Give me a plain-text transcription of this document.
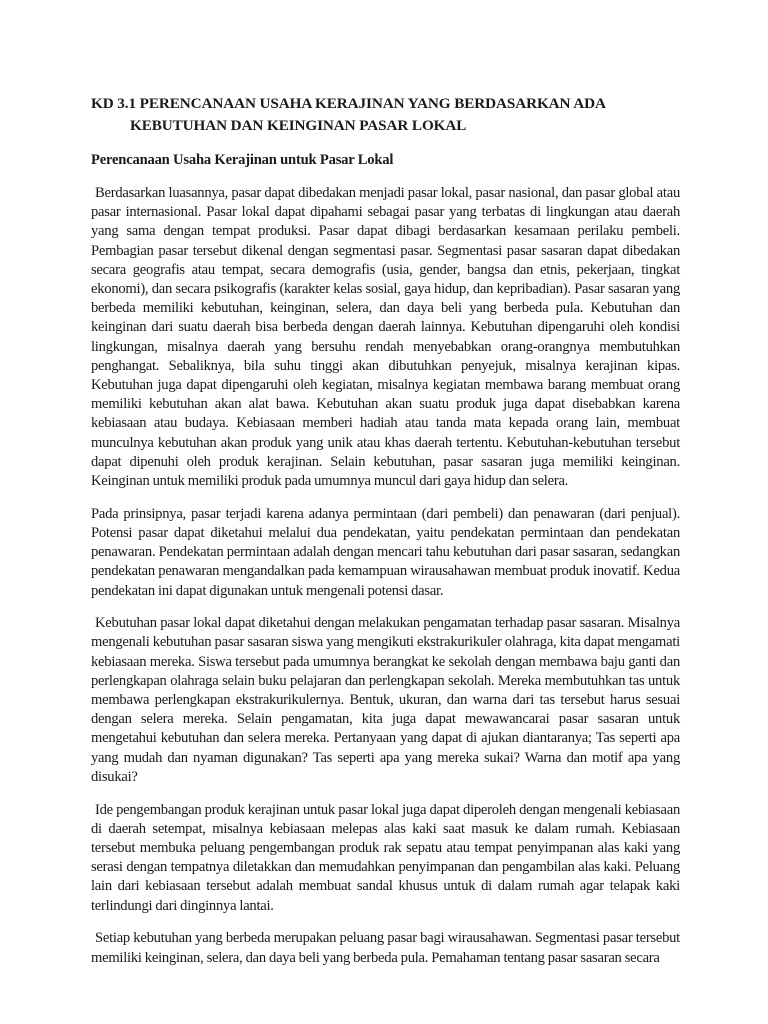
KD 3.1 PERENCANAAN USAHA KERAJINAN YANG BERDASARKAN ADA
KEBUTUHAN DAN KEINGINAN PASAR LOKAL
Perencanaan Usaha Kerajinan untuk Pasar Lokal

Berdasarkan luasannya, pasar dapat dibedakan menjadi pasar lokal, pasar nasional, dan pasar global atau pasar internasional. Pasar lokal dapat dipahami sebagai pasar yang terbatas di lingkungan atau daerah yang sama dengan tempat produksi. Pasar dapat dibagi berdasarkan kesamaan perilaku pembeli. Pembagian pasar tersebut dikenal dengan segmentasi pasar. Segmentasi pasar sasaran dapat dibedakan secara geografis atau tempat, secara demografis (usia, gender, bangsa dan etnis, pekerjaan, tingkat ekonomi), dan secara psikografis (karakter kelas sosial, gaya hidup, dan kepribadian). Pasar sasaran yang berbeda memiliki kebutuhan, keinginan, selera, dan daya beli yang berbeda pula. Kebutuhan dan keinginan dari suatu daerah bisa berbeda dengan daerah lainnya. Kebutuhan dipengaruhi oleh kondisi lingkungan, misalnya daerah yang bersuhu rendah menyebabkan orang-orangnya membutuhkan penghangat. Sebaliknya, bila suhu tinggi akan dibutuhkan penyejuk, misalnya kerajinan kipas. Kebutuhan juga dapat dipengaruhi oleh kegiatan, misalnya kegiatan membawa barang membuat orang memiliki kebutuhan akan alat bawa. Kebutuhan akan suatu produk juga dapat disebabkan karena kebiasaan atau budaya. Kebiasaan memberi hadiah atau tanda mata kepada orang lain, membuat munculnya kebutuhan akan produk yang unik atau khas daerah tertentu. Kebutuhan-kebutuhan tersebut dapat dipenuhi oleh produk kerajinan. Selain kebutuhan, pasar sasaran juga memiliki keinginan. Keinginan untuk memiliki produk pada umumnya muncul dari gaya hidup dan selera.

Pada prinsipnya, pasar terjadi karena adanya permintaan (dari pembeli) dan penawaran (dari penjual). Potensi pasar dapat diketahui melalui dua pendekatan, yaitu pendekatan permintaan dan pendekatan penawaran. Pendekatan permintaan adalah dengan mencari tahu kebutuhan dari pasar sasaran, sedangkan pendekatan penawaran mengandalkan pada kemampuan wirausahawan membuat produk inovatif. Kedua pendekatan ini dapat digunakan untuk mengenali potensi dasar.

Kebutuhan pasar lokal dapat diketahui dengan melakukan pengamatan terhadap pasar sasaran. Misalnya mengenali kebutuhan pasar sasaran siswa yang mengikuti ekstrakurikuler olahraga, kita dapat mengamati kebiasaan mereka. Siswa tersebut pada umumnya berangkat ke sekolah dengan membawa baju ganti dan perlengkapan olahraga selain buku pelajaran dan perlengkapan sekolah. Mereka membutuhkan tas untuk membawa perlengkapan ekstrakurikulernya. Bentuk, ukuran, dan warna dari tas tersebut harus sesuai dengan selera mereka. Selain pengamatan, kita juga dapat mewawancarai pasar sasaran untuk mengetahui kebutuhan dan selera mereka. Pertanyaan yang dapat di ajukan diantaranya; Tas seperti apa yang mudah dan nyaman digunakan? Tas seperti apa yang mereka sukai? Warna dan motif apa yang disukai?

Ide pengembangan produk kerajinan untuk pasar lokal juga dapat diperoleh dengan mengenali kebiasaan di daerah setempat, misalnya kebiasaan melepas alas kaki saat masuk ke dalam rumah. Kebiasaan tersebut membuka peluang pengembangan produk rak sepatu atau tempat penyimpanan alas kaki yang serasi dengan tempatnya diletakkan dan memudahkan penyimpanan dan pengambilan alas kaki. Peluang lain dari kebiasaan tersebut adalah membuat sandal khusus untuk di dalam rumah agar telapak kaki terlindungi dari dinginnya lantai.

Setiap kebutuhan yang berbeda merupakan peluang pasar bagi wirausahawan. Segmentasi pasar tersebut memiliki keinginan, selera, dan daya beli yang berbeda pula. Pemahaman tentang pasar sasaran secara
